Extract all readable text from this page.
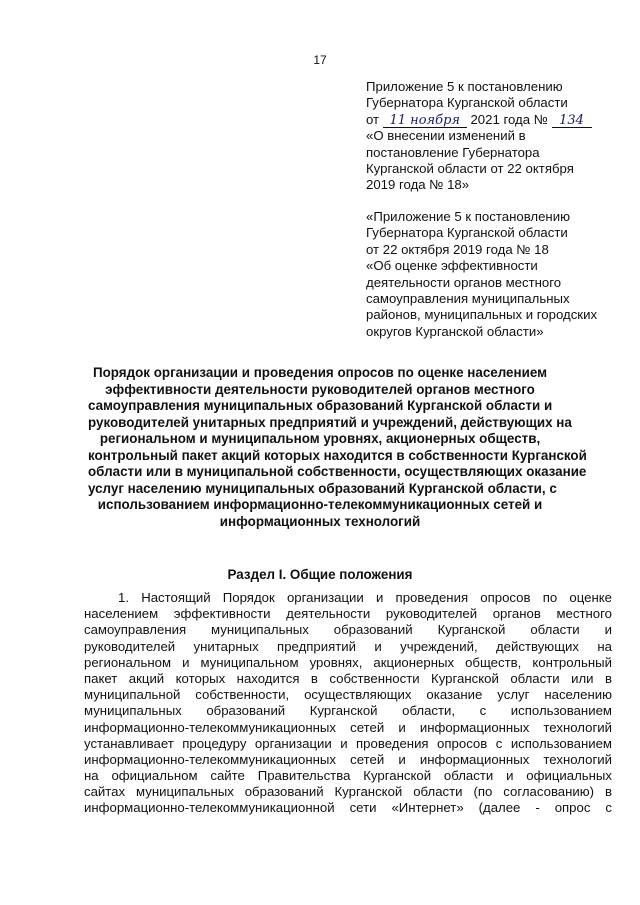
17
Приложение 5 к постановлению
Губернатора Курганской области
от 11 ноября 2021 года № 134
«О внесении изменений в
постановление Губернатора
Курганской области от 22 октября
2019 года № 18»
«Приложение 5 к постановлению
Губернатора Курганской области
от 22 октября 2019 года № 18
«Об оценке эффективности
деятельности органов местного
самоуправления муниципальных
районов, муниципальных и городских
округов Курганской области»
Порядок организации и проведения опросов по оценке населением
эффективности деятельности руководителей органов местного
самоуправления муниципальных образований Курганской области и
руководителей унитарных предприятий и учреждений, действующих на
региональном и муниципальном уровнях, акционерных обществ,
контрольный пакет акций которых находится в собственности Курганской
области или в муниципальной собственности, осуществляющих оказание
услуг населению муниципальных образований Курганской области, с
использованием информационно-телекоммуникационных сетей и
информационных технологий
Раздел I. Общие положения
1. Настоящий Порядок организации и проведения опросов по оценке
населением эффективности деятельности руководителей органов местного
самоуправления муниципальных образований Курганской области и
руководителей унитарных предприятий и учреждений, действующих на
региональном и муниципальном уровнях, акционерных обществ, контрольный
пакет акций которых находится в собственности Курганской области или в
муниципальной собственности, осуществляющих оказание услуг населению
муниципальных образований Курганской области, с использованием
информационно-телекоммуникационных сетей и информационных технологий
устанавливает процедуру организации и проведения опросов с использованием
информационно-телекоммуникационных сетей и информационных технологий
на официальном сайте Правительства Курганской области и официальных
сайтах муниципальных образований Курганской области (по согласованию) в
информационно-телекоммуникационной сети «Интернет» (далее - опрос с
